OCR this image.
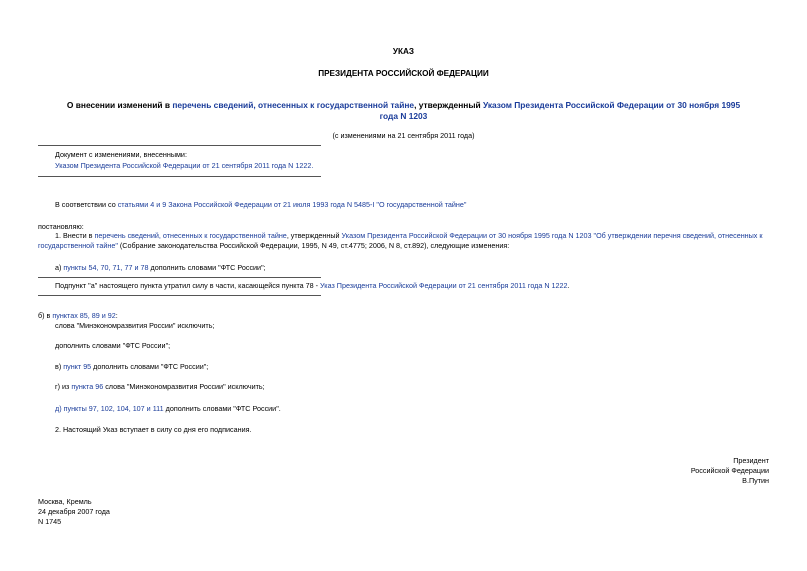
УКАЗ
ПРЕЗИДЕНТА РОССИЙСКОЙ ФЕДЕРАЦИИ
О внесении изменений в перечень сведений, отнесенных к государственной тайне, утвержденный Указом Президента Российской Федерации от 30 ноября 1995
года N 1203
(с изменениями на 21 сентября 2011 года)
Документ с изменениями, внесенными:
Указом Президента Российской Федерации от 21 сентября 2011 года N 1222.
В соответствии со статьями 4 и 9 Закона Российской Федерации от 21 июля 1993 года N 5485-I "О государственной тайне"
постановляю:
1. Внести в перечень сведений, отнесенных к государственной тайне, утвержденный Указом Президента Российской Федерации от 30 ноября 1995 года N 1203 "Об утверждении перечня сведений, отнесенных к
государственной тайне" (Собрание законодательства Российской Федерации, 1995, N 49, ст.4775; 2006, N 8, ст.892), следующие изменения:
а) пункты 54, 70, 71, 77 и 78 дополнить словами "ФТС России";
Подпункт "а" настоящего пункта утратил силу в части, касающейся пункта 78 - Указ Президента Российской Федерации от 21 сентября 2011 года N 1222.
б) в пунктах 85, 89 и 92:
слова "Минэкономразвития России" исключить;
дополнить словами "ФТС России";
в) пункт 95 дополнить словами "ФТС России";
г) из пункта 96 слова "Минэкономразвития России" исключить;
д) пункты 97, 102, 104, 107 и 111 дополнить словами "ФТС России".
2. Настоящий Указ вступает в силу со дня его подписания.
Президент
Российской Федерации
В.Путин
Москва, Кремль
24 декабря 2007 года
N 1745
